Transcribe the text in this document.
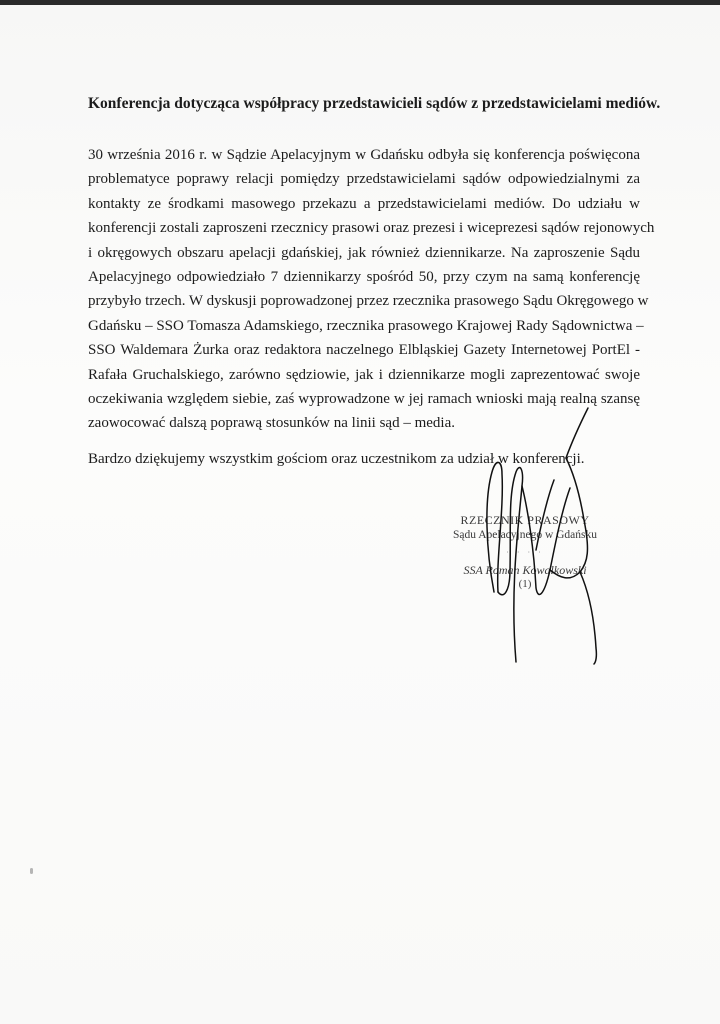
Konferencja dotycząca współpracy przedstawicieli sądów z przedstawicielami mediów.
30 września 2016 r. w Sądzie Apelacyjnym w Gdańsku odbyła się konferencja poświęcona
problematyce poprawy relacji pomiędzy przedstawicielami sądów odpowiedzialnymi za
kontakty ze środkami masowego przekazu a przedstawicielami mediów. Do udziału w
konferencji zostali zaproszeni rzecznicy prasowi oraz prezesi i wiceprezesi sądów rejonowych
i okręgowych obszaru apelacji gdańskiej, jak również dziennikarze. Na zaproszenie Sądu
Apelacyjnego odpowiedziało 7 dziennikarzy spośród 50, przy czym na samą konferencję
przybyło trzech. W dyskusji poprowadzonej przez rzecznika prasowego Sądu Okręgowego w
Gdańsku – SSO Tomasza Adamskiego, rzecznika prasowego Krajowej Rady Sądownictwa –
SSO Waldemara Żurka oraz redaktora naczelnego Elbląskiej Gazety Internetowej PortEl -
Rafała Gruchalskiego, zarówno sędziowie, jak i dziennikarze mogli zaprezentować swoje
oczekiwania względem siebie, zaś wyprowadzone w jej ramach wnioski mają realną szansę
zaowocować dalszą poprawą stosunków na linii sąd – media.
Bardzo dziękujemy wszystkim gościom oraz uczestnikom za udział w konferencji.
RZECZNIK PRASOWY
Sądu Apelacyjnego w Gdańsku
· · · ·
SSA Roman Kowalkowski
(1)
